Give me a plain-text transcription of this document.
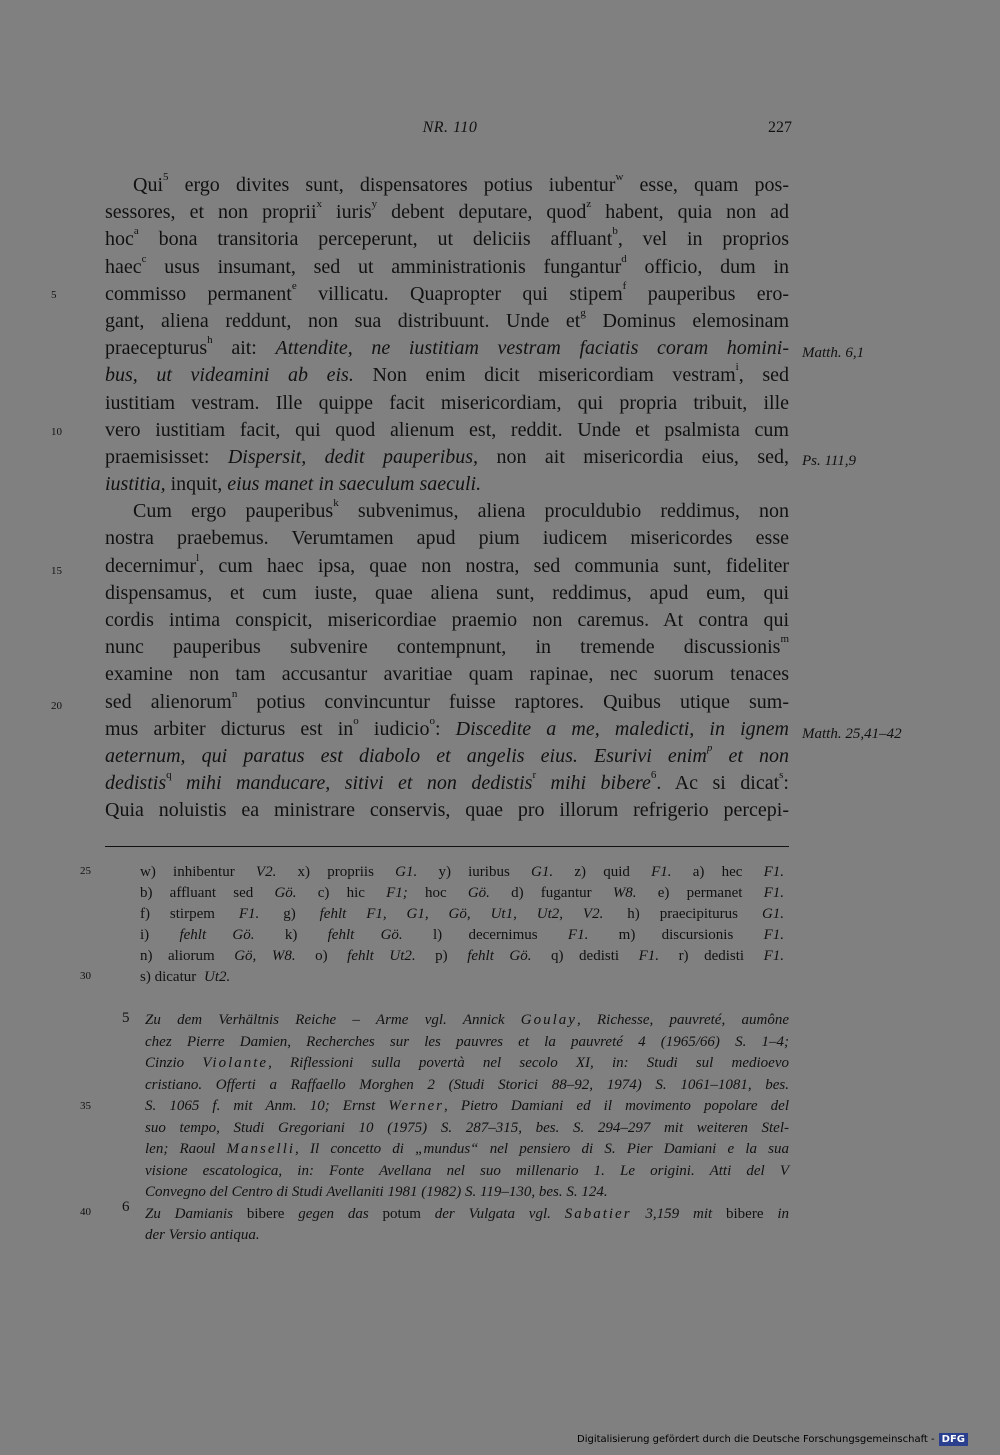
NR. 110	227
5
10
15
20
Matth. 6,1
Ps. 111,9
Matth. 25,41–42
Qui$^5$ ergo divites sunt, dispensatores potius iubentur$^w$ esse, quam pos-
sessores, et non proprii$^x$ iuris$^y$ debent deputare, quod$^z$ habent, quia non ad
hoc$^a$ bona transitoria perceperunt, ut deliciis affluant$^b$, vel in proprios
haec$^c$ usus insumant, sed ut amministrationis fungantur$^d$ officio, dum in
commisso permanent$^e$ villicatu. Quapropter qui stipem$^f$ pauperibus ero-
gant, aliena reddunt, non sua distribuunt. Unde $et^g$ Dominus elemosinam
praecepturus$^h$ ait: Attendite, ne iustitiam vestram faciatis coram homini-
bus, ut videamini ab eis. Non enim dicit misericordiam vestram$^i$, sed
iustitiam vestram. Ille quippe facit misericordiam, qui propria tribuit, ille
vero iustitiam facit, qui quod alienum est, reddit. Unde et psalmista cum
praemisisset: Dispersit, dedit pauperibus, non ait misericordia eius, sed,
iustitia, inquit, eius manet in saeculum saeculi.
Cum ergo pauperibus$^k$ subvenimus, aliena proculdubio reddimus, non
nostra praebemus. Verumtamen apud pium iudicem misericordes esse
decernimur$^l$, cum haec ipsa, quae non nostra, sed communia sunt, fideliter
dispensamus, et cum iuste, quae aliena sunt, reddimus, apud eum, qui
cordis intima conspicit, misericordiae praemio non caremus. At contra qui
nunc pauperibus subvenire contempnunt, in tremende discussionis$^m$
examine non tam accusantur avaritiae quam rapinae, nec suorum tenaces
sed alienorum$^n$ potius convincuntur fuisse raptores. Quibus utique sum-
mus arbiter dicturus est $in^o$ iudicio$^o$: Discedite a me, maledicti, in ignem
aeternum, qui paratus est diabolo et angelis eius. Esurivi enim$^p$ et non
dedistis$^q$ mihi manducare, sitivi et non dedistis$^r$ mihi bibere$^6$. Ac si dicat$^s$:
Quia noluistis ea ministrare conservis, quae pro illorum refrigerio percepi-
25
30
w) inhibentur V2. x) propriis G1. y) iuribus G1. z) quid F1. a) hec F1.
b) affluant sed Gö. c) hic F1; hoc Gö. d) fugantur W8. e) permanet F1.
f) stirpem F1. g) fehlt F1, G1, Gö, Ut1, Ut2, V2. h) praecipiturus G1.
i) fehlt Gö. k) fehlt Gö. l) decernimus F1. m) discursionis F1.
n) aliorum Gö, W8. o) fehlt Ut2. p) fehlt Gö. q) dedisti F1. r) dedisti F1.
s) dicatur Ut2.
35
40
5
6
Zu dem Verhältnis Reiche – Arme vgl. Annick Goulay, Richesse, pauvreté, aumône
chez Pierre Damien, Recherches sur les pauvres et la pauvreté 4 (1965/66) S. 1–4;
Cinzio Violante, Riflessioni sulla povertà nel secolo XI, in: Studi sul medioevo
cristiano. Offerti a Raffaello Morghen 2 (Studi Storici 88–92, 1974) S. 1061–1081, bes.
S. 1065 f. mit Anm. 10; Ernst Werner, Pietro Damiani ed il movimento popolare del
suo tempo, Studi Gregoriani 10 (1975) S. 287–315, bes. S. 294–297 mit weiteren Stel-
len; Raoul Manselli, Il concetto di „mundus“ nel pensiero di S. Pier Damiani e la sua
visione escatologica, in: Fonte Avellana nel suo millenario 1. Le origini. Atti del V
Convegno del Centro di Studi Avellaniti 1981 (1982) S. 119–130, bes. S. 124.
Zu Damianis bibere gegen das potum der Vulgata vgl. Sabatier 3,159 mit bibere in
der Versio antiqua.
Digitalisierung gefördert durch die Deutsche Forschungsgemeinschaft - DFG
